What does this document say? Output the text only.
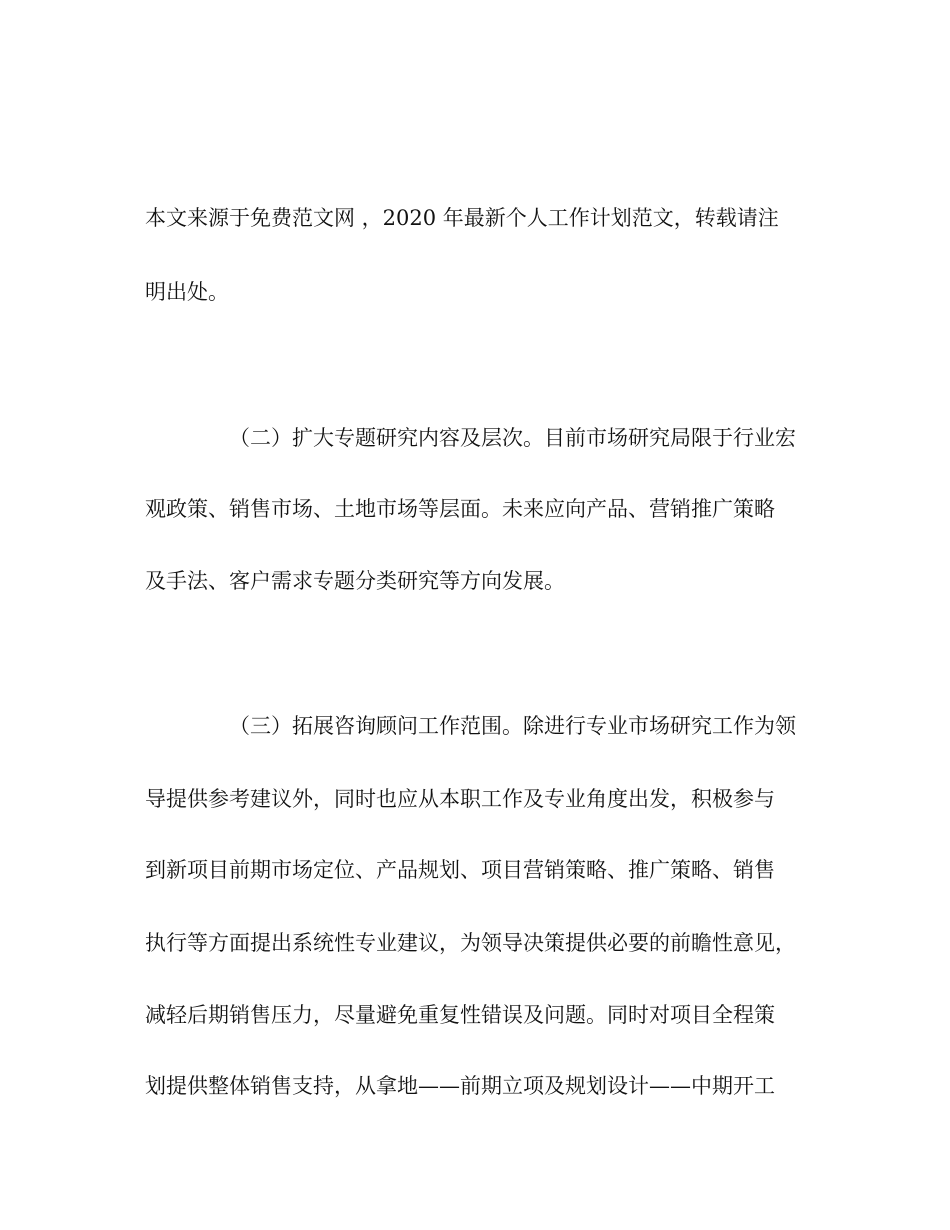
本文来源于免费范文网 ，2020 年最新个人工作计划范文，转载请注
明出处。
（二）扩大专题研究内容及层次。目前市场研究局限于行业宏
观政策、销售市场、土地市场等层面。未来应向产品、营销推广策略
及手法、客户需求专题分类研究等方向发展。
（三）拓展咨询顾问工作范围。除进行专业市场研究工作为领
导提供参考建议外，同时也应从本职工作及专业角度出发，积极参与
到新项目前期市场定位、产品规划、项目营销策略、推广策略、销售
执行等方面提出系统性专业建议，为领导决策提供必要的前瞻性意见，
减轻后期销售压力，尽量避免重复性错误及问题。同时对项目全程策
划提供整体销售支持，从拿地——前期立项及规划设计——中期开工
